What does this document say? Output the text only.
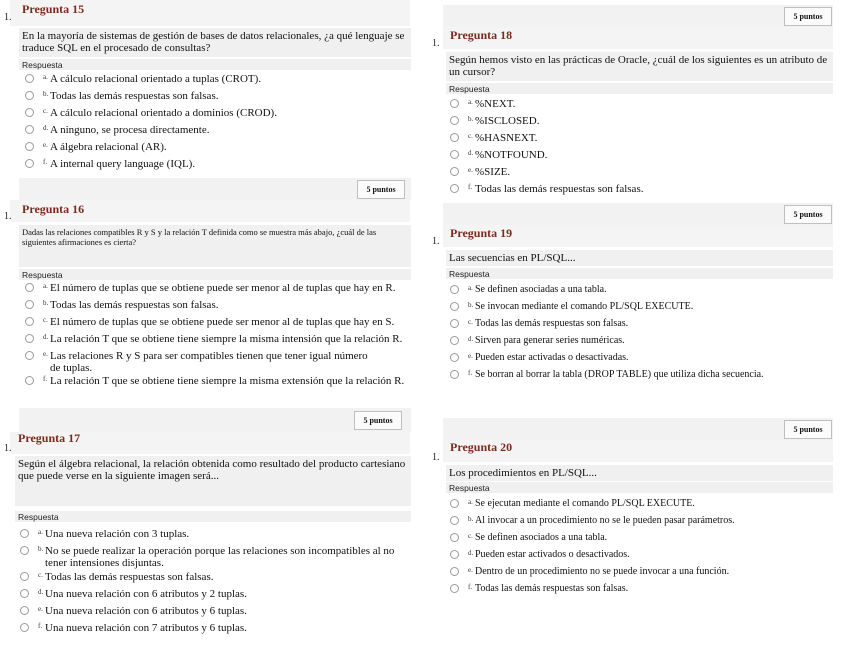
1.
Pregunta 15
En la mayoría de sistemas de gestión de bases de datos relacionales, ¿a qué lenguaje se traduce SQL en el procesado de consultas?
Respuesta
a. A cálculo relacional orientado a tuplas (CROT).
b. Todas las demás respuestas son falsas.
c. A cálculo relacional orientado a dominios (CROD).
d. A ninguno, se procesa directamente.
e. A álgebra relacional (AR).
f. A internal query language (IQL).
5 puntos
1.
Pregunta 16
Dadas las relaciones compatibles R y S y la relación T definida como se muestra más abajo, ¿cuál de las siguientes afirmaciones es cierta?
Respuesta
a. El número de tuplas que se obtiene puede ser menor al de tuplas que hay en R.
b. Todas las demás respuestas son falsas.
c. El número de tuplas que se obtiene puede ser menor al de tuplas que hay en S.
d. La relación T que se obtiene tiene siempre la misma intensión que la relación R.
e. Las relaciones R y S para ser compatibles tienen que tener igual número de tuplas.
f. La relación T que se obtiene tiene siempre la misma extensión que la relación R.
5 puntos
1.
Pregunta 17
Según el álgebra relacional, la relación obtenida como resultado del producto cartesiano que puede verse en la siguiente imagen será...
Respuesta
a. Una nueva relación con 3 tuplas.
b. No se puede realizar la operación porque las relaciones son incompatibles al no tener intensiones disjuntas.
c. Todas las demás respuestas son falsas.
d. Una nueva relación con 6 atributos y 2 tuplas.
e. Una nueva relación con 6 atributos y 6 tuplas.
f. Una nueva relación con 7 atributos y 6 tuplas.
5 puntos
1.
Pregunta 18
Según hemos visto en las prácticas de Oracle, ¿cuál de los siguientes es un atributo de un cursor?
Respuesta
a. %NEXT.
b. %ISCLOSED.
c. %HASNEXT.
d. %NOTFOUND.
e. %SIZE.
f. Todas las demás respuestas son falsas.
5 puntos
1.
Pregunta 19
Las secuencias en PL/SQL...
Respuesta
a. Se definen asociadas a una tabla.
b. Se invocan mediante el comando PL/SQL EXECUTE.
c. Todas las demás respuestas son falsas.
d. Sirven para generar series numéricas.
e. Pueden estar activadas o desactivadas.
f. Se borran al borrar la tabla (DROP TABLE) que utiliza dicha secuencia.
5 puntos
1.
Pregunta 20
Los procedimientos en PL/SQL...
Respuesta
a. Se ejecutan mediante el comando PL/SQL EXECUTE.
b. Al invocar a un procedimiento no se le pueden pasar parámetros.
c. Se definen asociados a una tabla.
d. Pueden estar activados o desactivados.
e. Dentro de un procedimiento no se puede invocar a una función.
f. Todas las demás respuestas son falsas.
